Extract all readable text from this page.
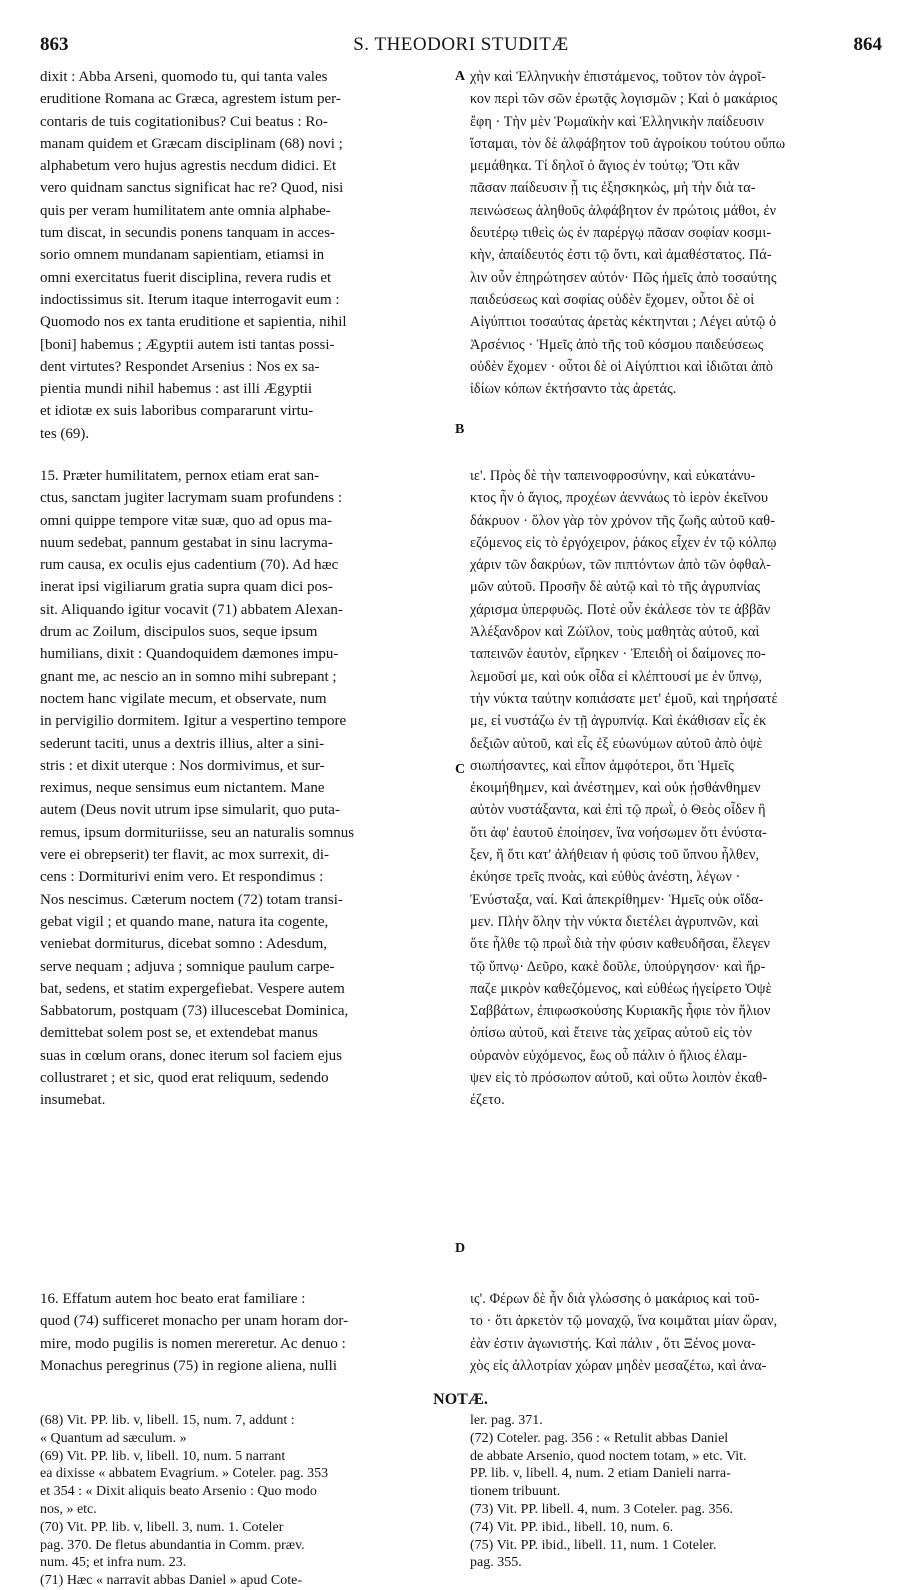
863	S. THEODORI STUDITÆ	864

dixit : Abba Arseni, quomodo tu, qui tanta vales
eruditione Romana ac Græca, agrestem istum per-
contaris de tuis cogitationibus? Cui beatus : Ro-
manam quidem et Græcam disciplinam (68) novi ;
alphabetum vero hujus agrestis necdum didici. Et
vero quidnam sanctus significat hac re? Quod, nisi
quis per veram humilitatem ante omnia alphabe-
tum discat, in secundis ponens tanquam in acces-
sorio omnem mundanam sapientiam, etiamsi in
omni exercitatus fuerit disciplina, revera rudis et
indoctissimus sit. Iterum itaque interrogavit eum :
Quomodo nos ex tanta eruditione et sapientia, nihil
[boni] habemus ; Ægyptii autem isti tantas possi-
dent virtutes? Respondet Arsenius : Nos ex sa-
pientia mundi nihil habemus : ast illi Ægyptii
et idiotæ ex suis laboribus compararunt virtu-
tes (69).

15. Præter humilitatem, pernox etiam erat san-
ctus, sanctam jugiter lacrymam suam profundens :
omni quippe tempore vitæ suæ, quo ad opus ma-
nuum sedebat, pannum gestabat in sinu lacryma-
rum causa, ex oculis ejus cadentium (70). Ad hæc
inerat ipsi vigiliarum gratia supra quam dici pos-
sit. Aliquando igitur vocavit (71) abbatem Alexan-
drum ac Zoilum, discipulos suos, seque ipsum
humilians, dixit : Quandoquidem dæmones impu-
gnant me, ac nescio an in somno mihi subrepant ;
noctem hanc vigilate mecum, et observate, num
in pervigilio dormitem. Igitur a vespertino tempore
sederunt taciti, unus a dextris illius, alter a sini-
stris : et dixit uterque : Nos dormivimus, et sur-
reximus, neque sensimus eum nictantem. Mane
autem (Deus novit utrum ipse simularit, quo puta-
remus, ipsum dormituriisse, seu an naturalis somnus
vere ei obrepserit) ter flavit, ac mox surrexit, di-
cens : Dormiturivi enim vero. Et respondimus :
Nos nescimus. Cæterum noctem (72) totam transi-
gebat vigil ; et quando mane, natura ita cogente,
veniebat dormiturus, dicebat somno : Adesdum,
serve nequam ; adjuva ; somnique paulum carpe-
bat, sedens, et statim expergefiebat. Vespere autem
Sabbatorum, postquam (73) illucescebat Dominica,
demittebat solem post se, et extendebat manus
suas in cœlum orans, donec iterum sol faciem ejus
collustraret ; et sic, quod erat reliquum, sedendo
insumebat.

16. Effatum autem hoc beato erat familiare :
quod (74) sufficeret monacho per unam horam dor-
mire, modo pugilis is nomen mereretur. Ac denuo :
Monachus peregrinus (75) in regione aliena, nulli

χὴν καὶ Ἑλληνικὴν ἐπιστάμενος, τοῦτον τὸν ἀγροῖ-
κον περὶ τῶν σῶν ἐρωτᾷς λογισμῶν ; Καὶ ὁ μακάριος
ἔφη · Τὴν μὲν Ῥωμαϊκὴν καὶ Ἑλληνικὴν παίδευσιν
ἴσταμαι, τὸν δὲ ἀλφάβητον τοῦ ἀγροίκου τούτου οὔπω
μεμάθηκα. Τί δηλοῖ ὁ ἅγιος ἐν τούτῳ; Ὅτι κἂν
πᾶσαν παίδευσιν ᾖ τις ἐξησκηκὼς, μὴ τὴν διὰ τα-
πεινώσεως ἀληθοῦς ἀλφάβητον ἐν πρώτοις μάθοι, ἐν
δευτέρῳ τιθεὶς ὡς ἐν παρέργῳ πᾶσαν σοφίαν κοσμι-
κὴν, ἀπαίδευτός ἐστι τῷ ὄντι, καὶ ἀμαθέστατος. Πά-
λιν οὖν ἐπηρώτησεν αὐτόν· Πῶς ἡμεῖς ἀπὸ τοσαύτης
παιδεύσεως καὶ σοφίας οὐδὲν ἔχομεν, οὗτοι δὲ οἱ
Αἰγύπτιοι τοσαύτας ἀρετὰς κέκτηνται ; Λέγει αὐτῷ ὁ
Ἀρσένιος · Ἡμεῖς ἀπὸ τῆς τοῦ κόσμου παιδεύσεως
οὐδὲν ἔχομεν · οὗτοι δὲ οἱ Αἰγύπτιοι καὶ ἰδιῶται ἀπὸ
ἰδίων κόπων ἐκτήσαντο τὰς ἀρετάς.

ιε'. Πρὸς δὲ τὴν ταπεινοφροσύνην, καὶ εὐκατάνυ-
κτος ἦν ὁ ἅγιος, προχέων ἀεννάως τὸ ἱερὸν ἐκεῖνου
δάκρυον · ὅλον γὰρ τὸν χρόνον τῆς ζωῆς αὐτοῦ καθ-
εζόμενος εἰς τὸ ἐργόχειρον, ῥάκος εἶχεν ἐν τῷ κόλπῳ
χάριν τῶν δακρύων, τῶν πιπτόντων ἀπὸ τῶν ὀφθαλ-
μῶν αὐτοῦ. Προσῆν δὲ αὐτῷ καὶ τὸ τῆς ἀγρυπνίας
χάρισμα ὑπερφυῶς. Ποτὲ οὖν ἐκάλεσε τὸν τε ἀββᾶν
Ἀλέξανδρον καὶ Ζώϊλον, τοὺς μαθητὰς αὐτοῦ, καὶ
ταπεινῶν ἑαυτὸν, εἴρηκεν · Ἐπειδὴ οἱ δαίμονες πο-
λεμοῦσί με, καὶ οὐκ οἶδα εἰ κλέπτουσί με ἐν ὕπνῳ,
τὴν νύκτα ταύτην κοπιάσατε μετ' ἐμοῦ, καὶ τηρήσατέ
με, εἰ νυστάζω ἐν τῇ ἀγρυπνίᾳ. Καὶ ἐκάθισαν εἷς ἐκ
δεξιῶν αὐτοῦ, καὶ εἷς ἐξ εὐωνύμων αὐτοῦ ἀπὸ ὀψὲ
σιωπήσαντες, καὶ εἶπον ἀμφότεροι, ὅτι Ἡμεῖς
ἐκοιμήθημεν, καὶ ἀνέστημεν, καὶ οὐκ ᾐσθάνθημεν
αὐτὸν νυστάξαντα, καὶ ἐπὶ τῷ πρωῒ, ὁ Θεὸς οἶδεν ἢ
ὅτι ἀφ' ἑαυτοῦ ἐποίησεν, ἵνα νοήσωμεν ὅτι ἐνύστα-
ξεν, ἢ ὅτι κατ' ἀλήθειαν ἡ φύσις τοῦ ὕπνου ἦλθεν,
ἐκύησε τρεῖς πνοὰς, καὶ εὐθὺς ἀνέστη, λέγων ·
Ἐνύσταξα, ναί. Καὶ ἀπεκρίθημεν· Ἡμεῖς οὐκ οἴδα-
μεν. Πλὴν ὅλην τὴν νύκτα διετέλει ἀγρυπνῶν, καὶ
ὅτε ἦλθε τῷ πρωῒ διὰ τὴν φύσιν καθευδῆσαι, ἔλεγεν
τῷ ὕπνῳ· Δεῦρο, κακὲ δοῦλε, ὑπούργησον· καὶ ἥρ-
παζε μικρὸν καθεζόμενος, καὶ εὐθέως ἠγείρετο Ὀψὲ
Σαββάτων, ἐπιφωσκούσης Κυριακῆς ἧφιε τὸν ἥλιον
ὀπίσω αὐτοῦ, καὶ ἔτεινε τὰς χεῖρας αὐτοῦ εἰς τὸν
οὐρανὸν εὐχόμενος, ἕως οὗ πάλιν ὁ ἥλιος ἐλαμ-
ψεν εἰς τὸ πρόσωπον αὐτοῦ, καὶ οὕτω λοιπὸν ἐκαθ-
έζετο.

ις'. Φέρων δὲ ἦν διὰ γλώσσης ὁ μακάριος καὶ τοῦ-
το · ὅτι ἀρκετὸν τῷ μοναχῷ, ἵνα κοιμᾶται μίαν ὥραν,
ἐὰν ἐστιν ἀγωνιστής. Καὶ πάλιν , ὅτι Ξένος μονα-
χὸς εἰς ἀλλοτρίαν χώραν μηδὲν μεσαζέτω, καὶ ἀνα-

A
B
C
D
NOTÆ.

(68) Vit. PP. lib. v, libell. 15, num. 7, addunt :
« Quantum ad sæculum. »
(69) Vit. PP. lib. v, libell. 10, num. 5 narrant
ea dixisse « abbatem Evagrium. » Coteler. pag. 353
et 354 : « Dixit aliquis beato Arsenio : Quo modo
nos, » etc.
(70) Vit. PP. lib. v, libell. 3, num. 1. Coteler
pag. 370. De fletus abundantia in Comm. præv.
num. 45; et infra num. 23.
(71) Hæc « narravit abbas Daniel » apud Cote-

ler. pag. 371.
(72) Coteler. pag. 356 : « Retulit abbas Daniel
de abbate Arsenio, quod noctem totam, » etc. Vit.
PP. lib. v, libell. 4, num. 2 etiam Danieli narra-
tionem tribuunt.
(73) Vit. PP. libell. 4, num. 3 Coteler. pag. 356.
(74) Vit. PP. ibid., libell. 10, num. 6.
(75) Vit. PP. ibid., libell. 11, num. 1 Coteler.
pag. 355.
